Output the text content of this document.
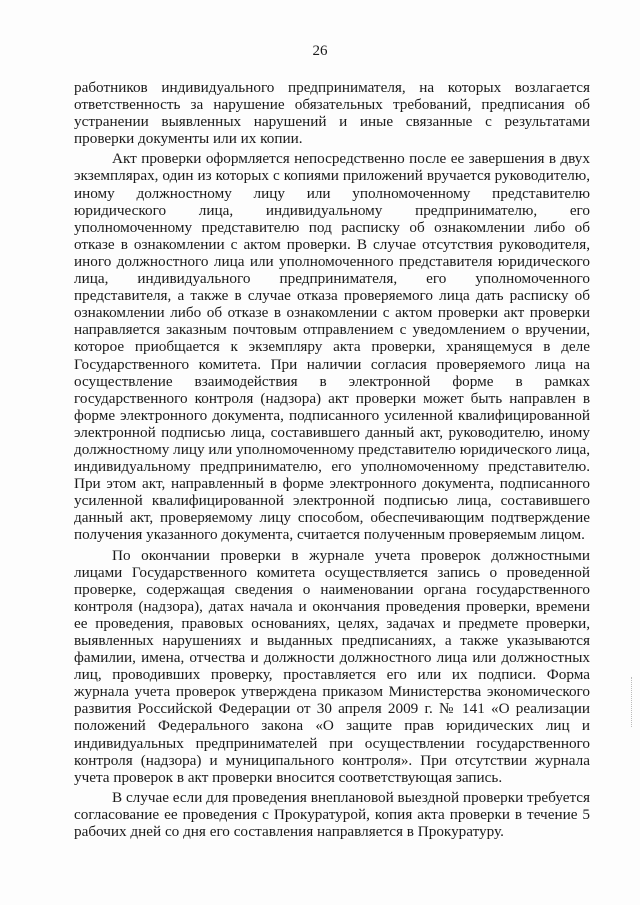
26

работников индивидуального предпринимателя, на которых возлагается ответственность за нарушение обязательных требований, предписания об устранении выявленных нарушений и иные связанные с результатами проверки документы или их копии.

Акт проверки оформляется непосредственно после ее завершения в двух экземплярах, один из которых с копиями приложений вручается руководителю, иному должностному лицу или уполномоченному представителю юридического лица, индивидуальному предпринимателю, его уполномоченному представителю под расписку об ознакомлении либо об отказе в ознакомлении с актом проверки. В случае отсутствия руководителя, иного должностного лица или уполномоченного представителя юридического лица, индивидуального предпринимателя, его уполномоченного представителя, а также в случае отказа проверяемого лица дать расписку об ознакомлении либо об отказе в ознакомлении с актом проверки акт проверки направляется заказным почтовым отправлением с уведомлением о вручении, которое приобщается к экземпляру акта проверки, хранящемуся в деле Государственного комитета. При наличии согласия проверяемого лица на осуществление взаимодействия в электронной форме в рамках государственного контроля (надзора) акт проверки может быть направлен в форме электронного документа, подписанного усиленной квалифицированной электронной подписью лица, составившего данный акт, руководителю, иному должностному лицу или уполномоченному представителю юридического лица, индивидуальному предпринимателю, его уполномоченному представителю. При этом акт, направленный в форме электронного документа, подписанного усиленной квалифицированной электронной подписью лица, составившего данный акт, проверяемому лицу способом, обеспечивающим подтверждение получения указанного документа, считается полученным проверяемым лицом.

По окончании проверки в журнале учета проверок должностными лицами Государственного комитета осуществляется запись о проведенной проверке, содержащая сведения о наименовании органа государственного контроля (надзора), датах начала и окончания проведения проверки, времени ее проведения, правовых основаниях, целях, задачах и предмете проверки, выявленных нарушениях и выданных предписаниях, а также указываются фамилии, имена, отчества и должности должностного лица или должностных лиц, проводивших проверку, проставляется его или их подписи. Форма журнала учета проверок утверждена приказом Министерства экономического развития Российской Федерации от 30 апреля 2009 г. № 141 «О реализации положений Федерального закона «О защите прав юридических лиц и индивидуальных предпринимателей при осуществлении государственного контроля (надзора) и муниципального контроля». При отсутствии журнала учета проверок в акт проверки вносится соответствующая запись.

В случае если для проведения внеплановой выездной проверки требуется согласование ее проведения с Прокуратурой, копия акта проверки в течение 5 рабочих дней со дня его составления направляется в Прокуратуру.
